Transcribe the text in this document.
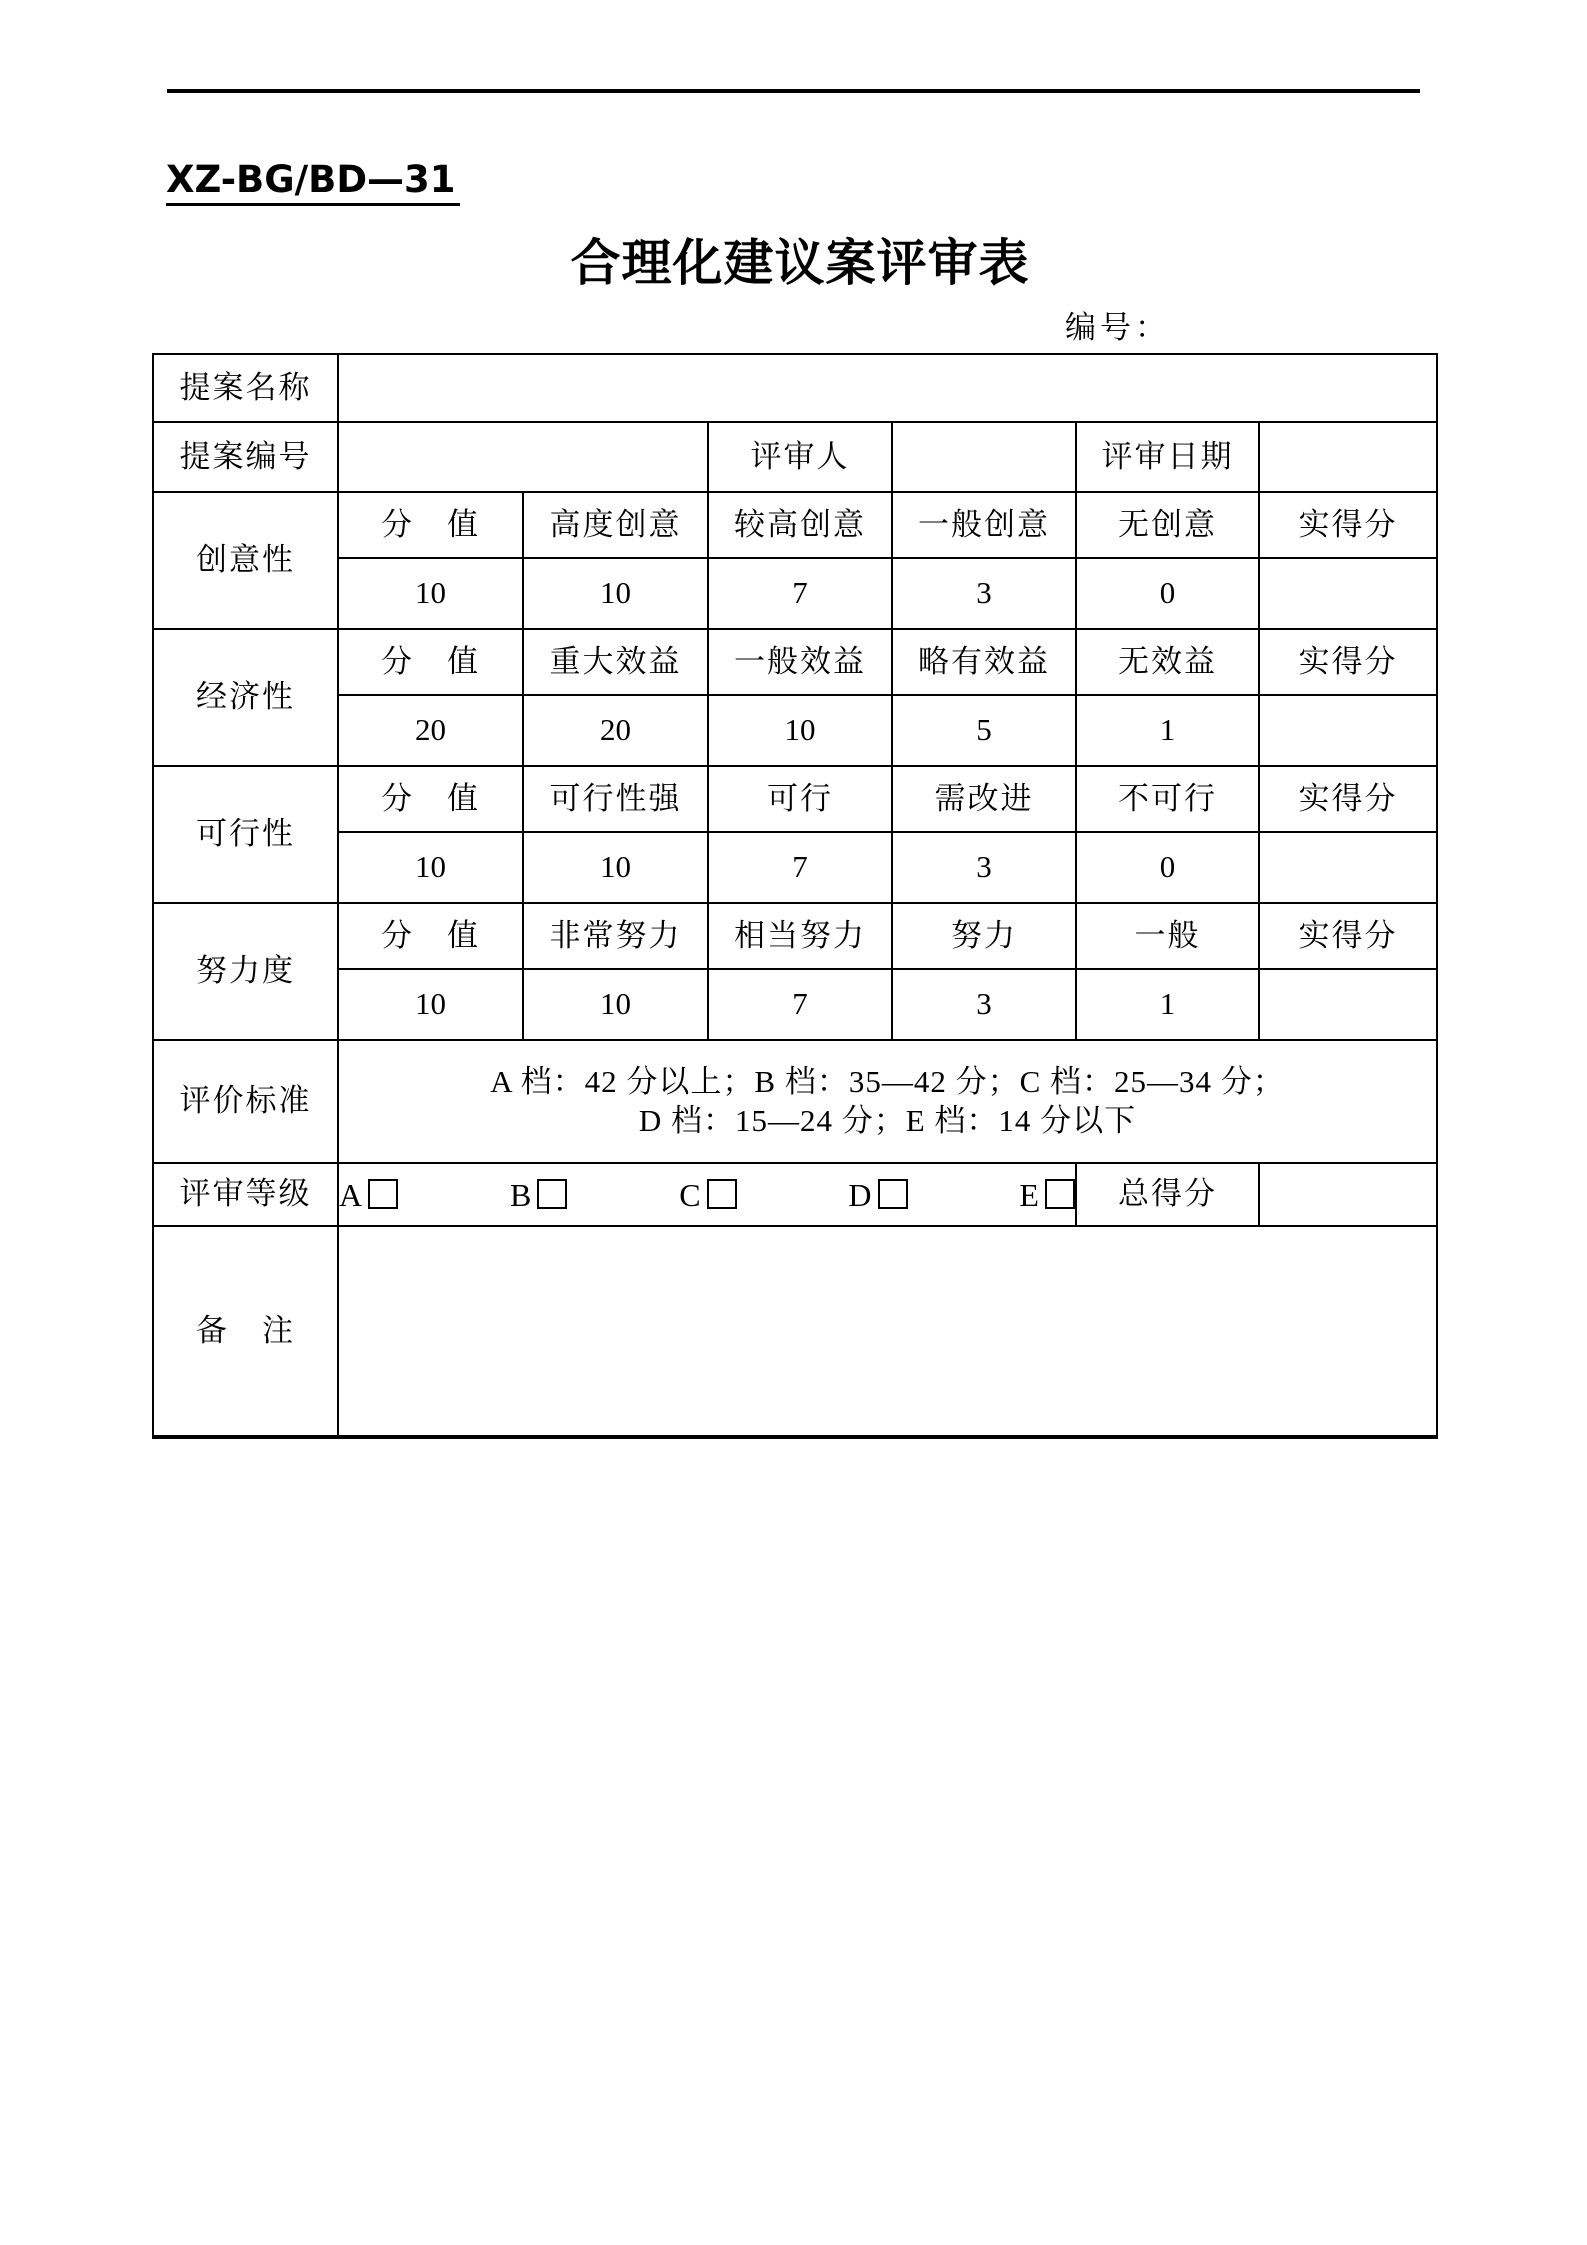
XZ-BG/BD—31
合理化建议案评审表
编号：
提案名称						
提案编号			评审人		评审日期	
创意性	分　值	高度创意	较高创意	一般创意	无创意	实得分
	10	10	7	3	0	
经济性	分　值	重大效益	一般效益	略有效益	无效益	实得分
	20	20	10	5	1	
可行性	分　值	可行性强	可行	需改进	不可行	实得分
	10	10	7	3	0	
努力度	分　值	非常努力	相当努力	努力	一般	实得分
	10	10	7	3	1	
评价标准	A 档：42 分以上；B 档：35—42 分；C 档：25—34 分；
D 档：15—24 分；E 档：14 分以下					

评审等级	A B C D E				总得分	
备　注						
